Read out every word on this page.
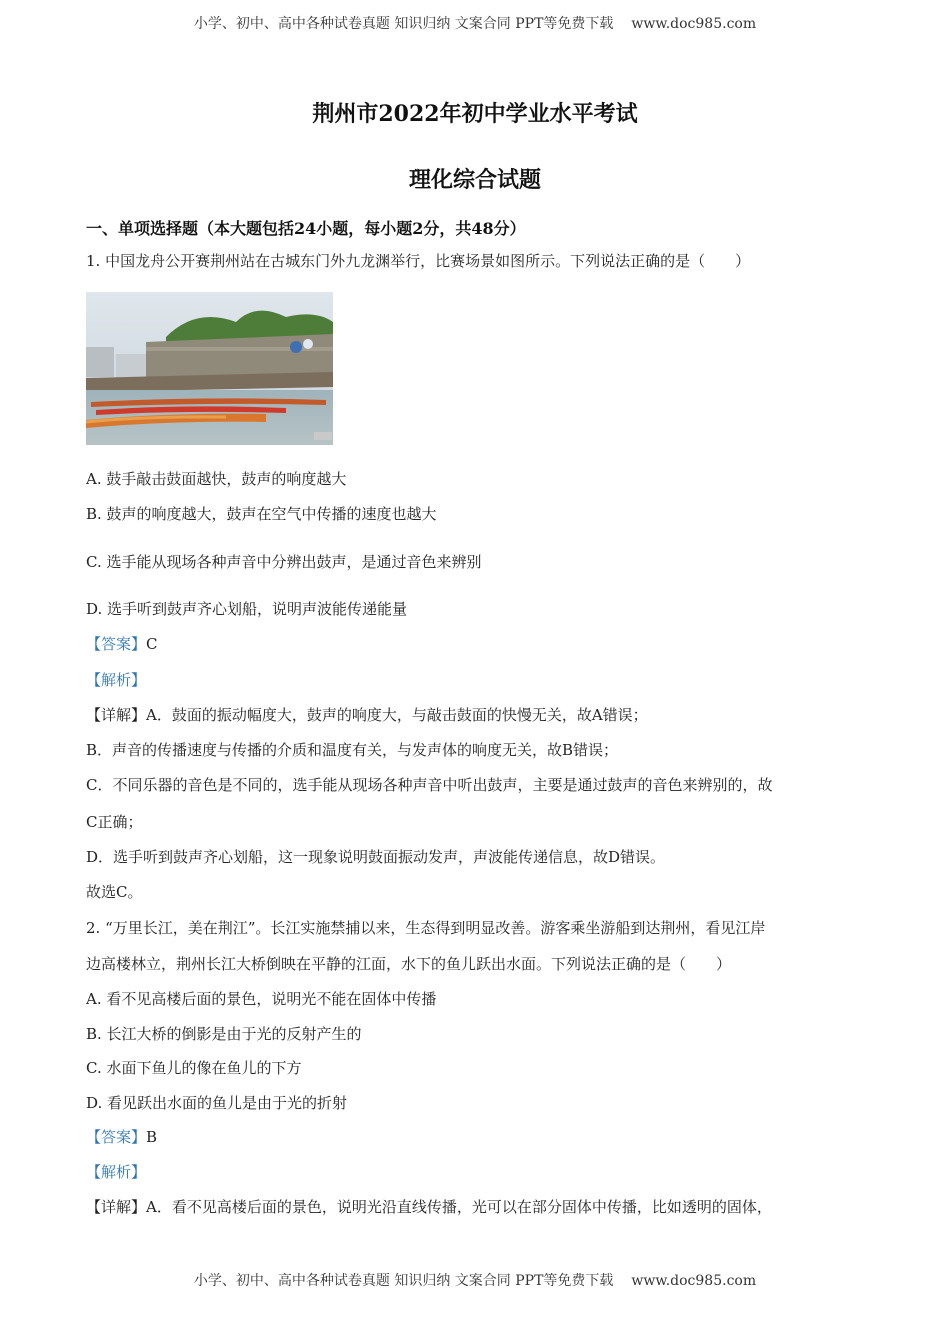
小学、初中、高中各种试卷真题 知识归纳 文案合同 PPT等免费下载 www.doc985.com
荆州市2022年初中学业水平考试
理化综合试题
一、单项选择题（本大题包括24小题，每小题2分，共48分）
1. 中国龙舟公开赛荆州站在古城东门外九龙渊举行，比赛场景如图所示。下列说法正确的是（　　）
A. 鼓手敲击鼓面越快，鼓声的响度越大
B. 鼓声的响度越大，鼓声在空气中传播的速度也越大
C. 选手能从现场各种声音中分辨出鼓声，是通过音色来辨别
D. 选手听到鼓声齐心划船，说明声波能传递能量
【答案】C
【解析】
【详解】A．鼓面的振动幅度大，鼓声的响度大，与敲击鼓面的快慢无关，故A错误；
B．声音的传播速度与传播的介质和温度有关，与发声体的响度无关，故B错误；
C．不同乐器的音色是不同的，选手能从现场各种声音中听出鼓声，主要是通过鼓声的音色来辨别的，故
C正确；
D．选手听到鼓声齐心划船，这一现象说明鼓面振动发声，声波能传递信息，故D错误。
故选C。
2. “万里长江，美在荆江”。长江实施禁捕以来，生态得到明显改善。游客乘坐游船到达荆州，看见江岸
边高楼林立，荆州长江大桥倒映在平静的江面，水下的鱼儿跃出水面。下列说法正确的是（　　）
A. 看不见高楼后面的景色，说明光不能在固体中传播
B. 长江大桥的倒影是由于光的反射产生的
C. 水面下鱼儿的像在鱼儿的下方
D. 看见跃出水面的鱼儿是由于光的折射
【答案】B
【解析】
【详解】A．看不见高楼后面的景色，说明光沿直线传播，光可以在部分固体中传播，比如透明的固体，
小学、初中、高中各种试卷真题 知识归纳 文案合同 PPT等免费下载 www.doc985.com
